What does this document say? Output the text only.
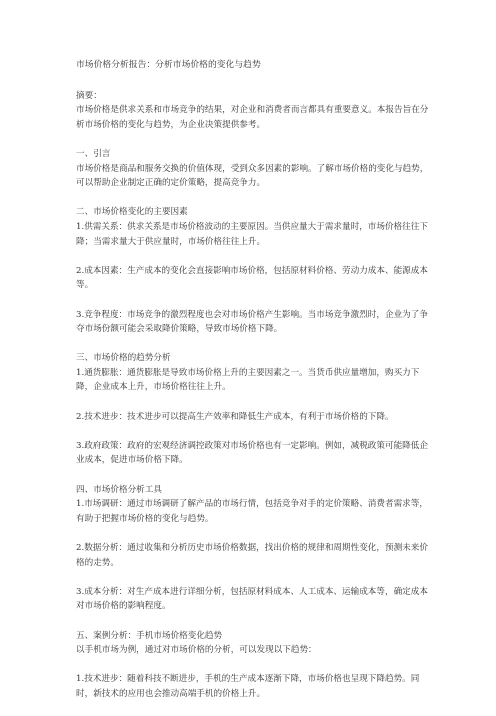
市场价格分析报告：分析市场价格的变化与趋势

摘要：

市场价格是供求关系和市场竞争的结果，对企业和消费者而言都具有重要意义。本报告旨在分析市场价格的变化与趋势，为企业决策提供参考。

一、引言

市场价格是商品和服务交换的价值体现，受到众多因素的影响。了解市场价格的变化与趋势，可以帮助企业制定正确的定价策略，提高竞争力。

二、市场价格变化的主要因素

1.供需关系：供求关系是市场价格波动的主要原因。当供应量大于需求量时，市场价格往往下降；当需求量大于供应量时，市场价格往往上升。

2.成本因素：生产成本的变化会直接影响市场价格，包括原材料价格、劳动力成本、能源成本等。

3.竞争程度：市场竞争的激烈程度也会对市场价格产生影响。当市场竞争激烈时，企业为了争夺市场份额可能会采取降价策略，导致市场价格下降。

三、市场价格的趋势分析

1.通货膨胀：通货膨胀是导致市场价格上升的主要因素之一。当货币供应量增加，购买力下降，企业成本上升，市场价格往往上升。

2.技术进步：技术进步可以提高生产效率和降低生产成本，有利于市场价格的下降。

3.政府政策：政府的宏观经济调控政策对市场价格也有一定影响。例如，减税政策可能降低企业成本，促进市场价格下降。

四、市场价格分析工具

1.市场调研：通过市场调研了解产品的市场行情，包括竞争对手的定价策略、消费者需求等，有助于把握市场价格的变化与趋势。

2.数据分析：通过收集和分析历史市场价格数据，找出价格的规律和周期性变化，预测未来价格的走势。

3.成本分析：对生产成本进行详细分析，包括原材料成本、人工成本、运输成本等，确定成本对市场价格的影响程度。

五、案例分析：手机市场价格变化趋势

以手机市场为例，通过对市场价格的分析，可以发现以下趋势：

1.技术进步：随着科技不断进步，手机的生产成本逐渐下降，市场价格也呈现下降趋势。同时，新技术的应用也会推动高端手机的价格上升。
